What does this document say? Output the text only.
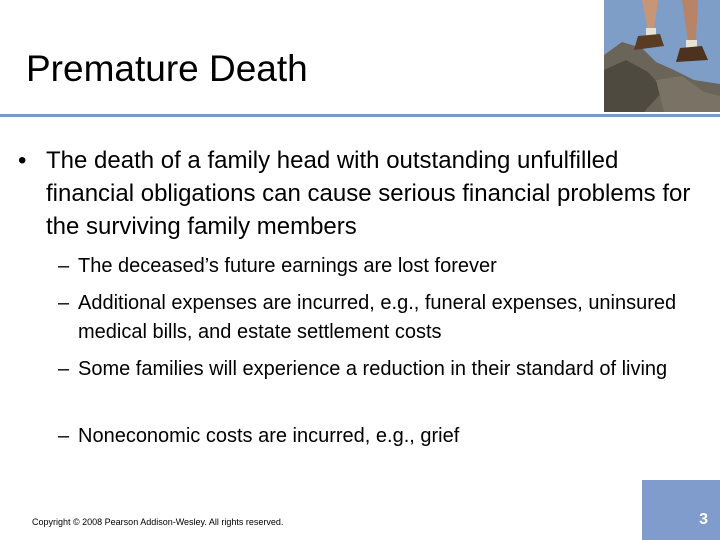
Premature Death
• The death of a family head with outstanding unfulfilled financial obligations can cause serious financial problems for the surviving family members
– The deceased’s future earnings are lost forever
– Additional expenses are incurred, e.g., funeral expenses, uninsured medical bills, and estate settlement costs
– Some families will experience a reduction in their standard of living
– Noneconomic costs are incurred, e.g., grief
Copyright © 2008 Pearson Addison-Wesley. All rights reserved.	3
